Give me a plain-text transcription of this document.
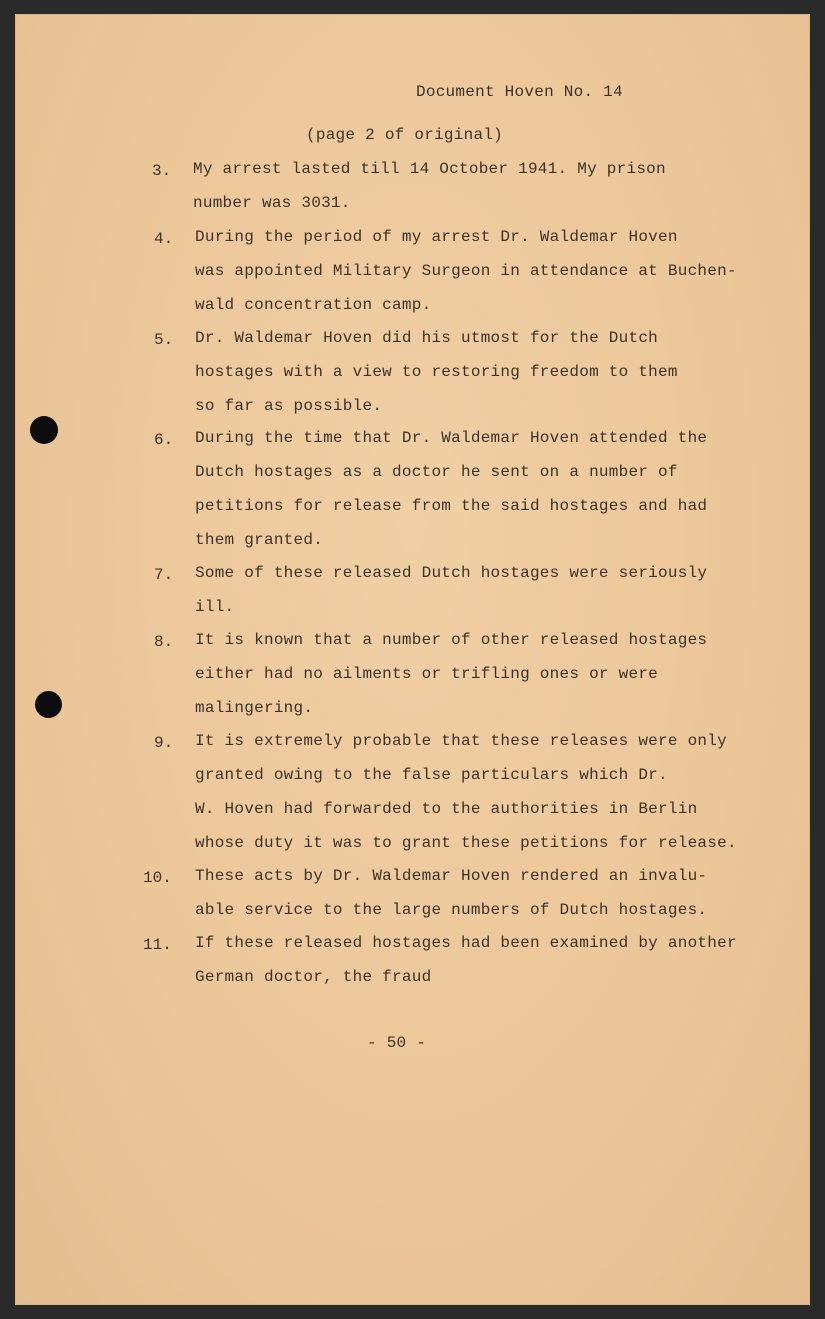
Document Hoven No. 14
(page 2 of original)
3. My arrest lasted till 14 October 1941. My prison
number was 3031.
4. During the period of my arrest Dr. Waldemar Hoven
was appointed Military Surgeon in attendance at Buchen-
wald concentration camp.
5. Dr. Waldemar Hoven did his utmost for the Dutch
hostages with a view to restoring freedom to them
so far as possible.
6. During the time that Dr. Waldemar Hoven attended the
Dutch hostages as a doctor he sent on a number of
petitions for release from the said hostages and had
them granted.
7. Some of these released Dutch hostages were seriously
ill.
8. It is known that a number of other released hostages
either had no ailments or trifling ones or were
malingering.
9. It is extremely probable that these releases were only
granted owing to the false particulars which Dr.
W. Hoven had forwarded to the authorities in Berlin
whose duty it was to grant these petitions for release.
10. These acts by Dr. Waldemar Hoven rendered an invalu-
able service to the large numbers of Dutch hostages.
11. If these released hostages had been examined by another
German doctor, the fraud
- 50 -
